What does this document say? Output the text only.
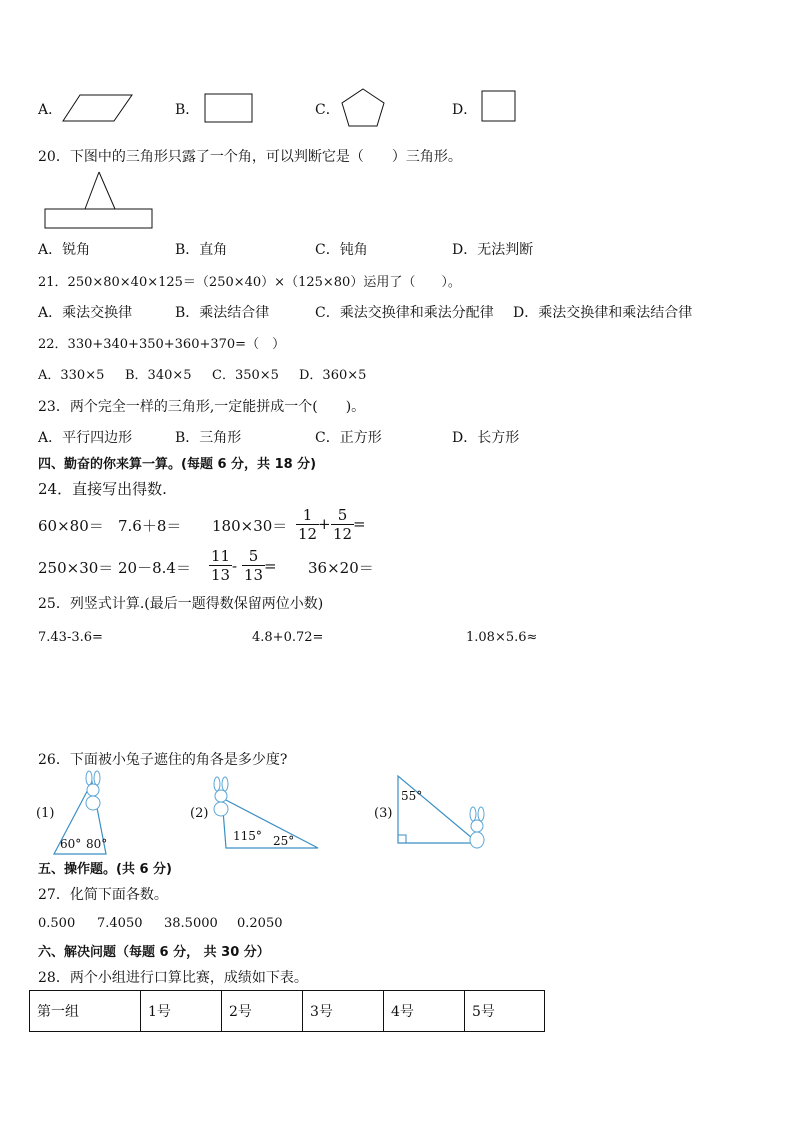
A．	B．	C．	D．
20．下图中的三角形只露了一个角，可以判断它是（　　）三角形。
A．锐角	B．直角	C．钝角	D．无法判断
21．250×80×40×125＝（250×40）×（125×80）运用了（　　）。
A．乘法交换律	B．乘法结合律	C．乘法交换律和乘法分配律 D．乘法交换律和乘法结合律
22．330+340+350+360+370=（　）
A．330×5 B．340×5 C．350×5 D．360×5
23．两个完全一样的三角形,一定能拼成一个(　　)。
A．平行四边形	B．三角形	C．正方形	D．长方形
四、勤奋的你来算一算。(每题 6 分，共 18 分)
24．直接写出得数.
$60\times 80= 7.6+8= 180\times 30= \frac{1}{12}$
+ $\frac{5}{12}$
=
$250\times 30= 20-8.4= \frac{11}{13} - \frac{5}{13}$
= 36×20＝
25．列竖式计算.(最后一题得数保留两位小数)
7.43-3.6=	4.8+0.72=	1.08×5.6≈
26．下面被小兔子遮住的角各是多少度?
(1)
60° 80°
(2)
115° 25°
(3)
55°
五、操作题。(共 6 分)
27．化简下面各数。
0.500 7.4050 38.5000 0.2050
六、解决问题（每题 6 分， 共 30 分）
28．两个小组进行口算比赛，成绩如下表。
第一组	1号	2号	3号	4号	5号
